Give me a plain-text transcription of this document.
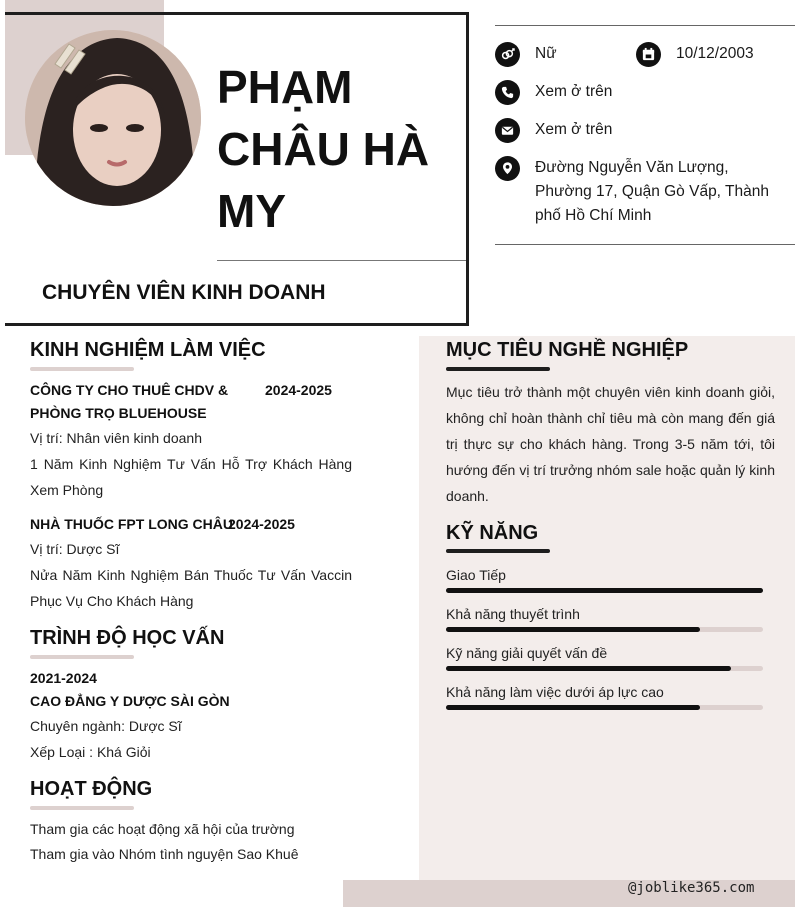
PHẠM
CHÂU HÀ
MY
CHUYÊN VIÊN KINH DOANH
Nữ	10/12/2003
Xem ở trên
Xem ở trên
Đường Nguyễn Văn Lượng, Phường 17, Quận Gò Vấp, Thành phố Hồ Chí Minh
KINH NGHIỆM LÀM VIỆC
CÔNG TY CHO THUÊ CHDV & PHÒNG TRỌ BLUEHOUSE
2024-2025
Vị trí: Nhân viên kinh doanh
1 Năm Kinh Nghiệm Tư Vấn Hỗ Trợ Khách Hàng Xem Phòng
NHÀ THUỐC FPT LONG CHÂU
2024-2025
Vị trí: Dược Sĩ
Nửa Năm Kinh Nghiệm Bán Thuốc Tư Vấn Vaccin Phục Vụ Cho Khách Hàng
TRÌNH ĐỘ HỌC VẤN
2021-2024
CAO ĐẲNG Y DƯỢC SÀI GÒN
Chuyên ngành: Dược Sĩ
Xếp Loại : Khá Giỏi
HOẠT ĐỘNG
Tham gia các hoạt động xã hội của trường
Tham gia vào Nhóm tình nguyện Sao Khuê
MỤC TIÊU NGHỀ NGHIỆP
Mục tiêu trở thành một chuyên viên kinh doanh giỏi, không chỉ hoàn thành chỉ tiêu mà còn mang đến giá trị thực sự cho khách hàng. Trong 3-5 năm tới, tôi hướng đến vị trí trưởng nhóm sale hoặc quản lý kinh doanh.
KỸ NĂNG
Giao Tiếp
Khả năng thuyết trình
Kỹ năng giải quyết vấn đề
Khả năng làm việc dưới áp lực cao
@joblike365.com
